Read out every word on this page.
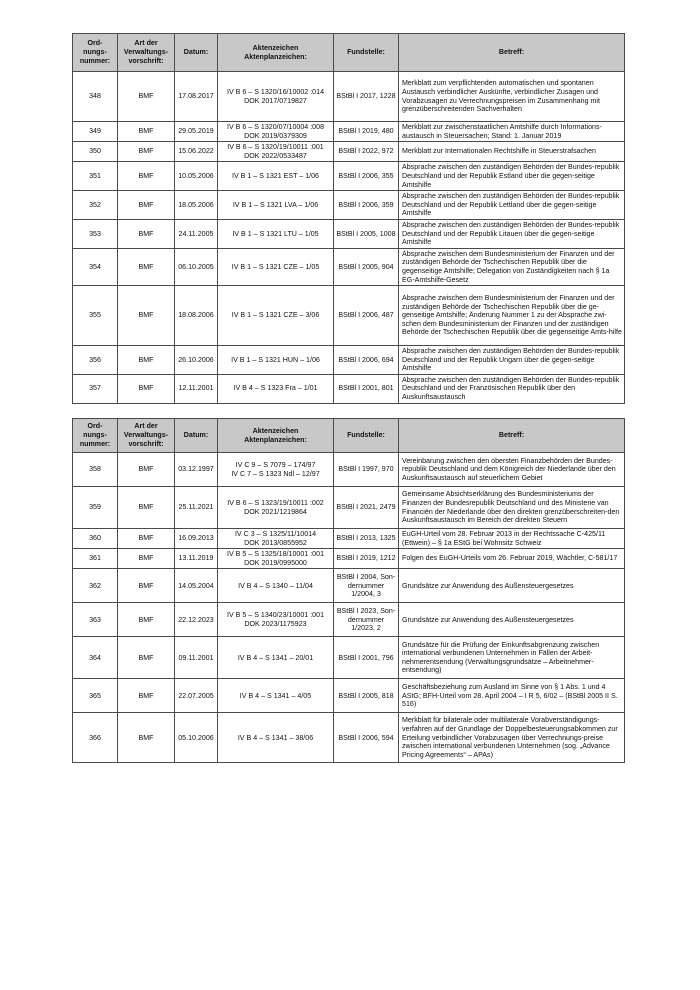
Ord-
nungs-
nummer:	Art der
Verwaltungs-
vorschrift:	Datum:	Aktenzeichen
Aktenplanzeichen:	Fundstelle:	Betreff:
348	BMF	17.08.2017	IV B 6 – S 1320/16/10002 :014
DOK 2017/0719827	BStBl I 2017, 1228	Merkblatt zum verpflichtenden automatischen und spontanen Austausch verbindlicher Auskünfte, verbindlicher Zusagen und Vorabzusagen zu Verrechnungspreisen im Zusammenhang mit grenzüberschreitenden Sachverhalten
349	BMF	29.05.2019	IV B 6 – S 1320/07/10004 :008
DOK 2019/0379309	BStBl I 2019, 480	Merkblatt zur zwischenstaatlichen Amtshilfe durch Informations-austausch in Steuersachen; Stand: 1. Januar 2019
350	BMF	15.06.2022	IV B 6 – S 1320/19/10011 :001
DOK 2022/0533487	BStBl I 2022, 972	Merkblatt zur Internationalen Rechtshilfe in Steuerstrafsachen
351	BMF	10.05.2006	IV B 1 – S 1321 EST – 1/06	BStBl I 2006, 355	Absprache zwischen den zuständigen Behörden der Bundes-republik Deutschland und der Republik Estland über die gegen-seitige Amtshilfe
352	BMF	18.05.2006	IV B 1 – S 1321 LVA – 1/06	BStBl I 2006, 359	Absprache zwischen den zuständigen Behörden der Bundes-republik Deutschland und der Republik Lettland über die gegen-seitige Amtshilfe
353	BMF	24.11.2005	IV B 1 – S 1321 LTU – 1/05	BStBl I 2005, 1008	Absprache zwischen den zuständigen Behörden der Bundes-republik Deutschland und der Republik Litauen über die gegen-seitige Amtshilfe
354	BMF	06.10.2005	IV B 1 – S 1321 CZE – 1/05	BStBl I 2005, 904	Absprache zwischen dem Bundesministerium der Finanzen und der zuständigen Behörde der Tschechischen Republik über die gegenseitige Amtshilfe; Delegation von Zuständigkeiten nach § 1a EG-Amtshilfe-Gesetz
355	BMF	18.08.2006	IV B 1 – S 1321 CZE – 3/06	BStBl I 2006, 487	Absprache zwischen dem Bundesministerium der Finanzen und der zuständigen Behörde der Tschechischen Republik über die ge-genseitige Amtshilfe; Änderung Nummer 1 zu der Absprache zwi-schen dem Bundesministerium der Finanzen und der zuständigen Behörde der Tschechischen Republik über die gegenseitige Amts-hilfe
356	BMF	26.10.2006	IV B 1 – S 1321 HUN – 1/06	BStBl I 2006, 694	Absprache zwischen den zuständigen Behörden der Bundes-republik Deutschland und der Republik Ungarn über die gegen-seitige Amtshilfe
357	BMF	12.11.2001	IV B 4 – S 1323 Fra – 1/01	BStBl I 2001, 801	Absprache zwischen den zuständigen Behörden der Bundes-republik Deutschland und der Französischen Republik über den Auskunftsaustausch
Ord-
nungs-
nummer:	Art der
Verwaltungs-
vorschrift:	Datum:	Aktenzeichen
Aktenplanzeichen:	Fundstelle:	Betreff:
358	BMF	03.12.1997	IV C 9 – S 7079 – 174/97
IV C 7 – S 1323 Ndl – 12/97	BStBl I 1997, 970	Vereinbarung zwischen den obersten Finanzbehörden der Bundes-republik Deutschland und dem Königreich der Niederlande über den Auskunftsaustausch auf steuerlichem Gebiet
359	BMF	25.11.2021	IV B 6 – S 1323/19/10011 :002
DOK 2021/1219864	BStBl I 2021, 2479	Gemeinsame Absichtserklärung des Bundesministeriums der Finanzen der Bundesrepublik Deutschland und des Ministerie van Financiën der Niederlande über den direkten grenzüberschreiten-den Auskunftsaustausch im Bereich der direkten Steuern
360	BMF	16.09.2013	IV C 3 – S 1325/11/10014
DOK 2013/0855952	BStBl I 2013, 1325	EuGH-Urteil vom 28. Februar 2013 in der Rechtssache C-425/11 (Ettwein) – § 1a EStG bei Wohnsitz Schweiz
361	BMF	13.11.2019	IV B 5 – S 1325/18/10001 :001
DOK 2019/0995000	BStBl I 2019, 1212	Folgen des EuGH-Urteils vom 26. Februar 2019, Wächtler, C-581/17
362	BMF	14.05.2004	IV B 4 – S 1340 – 11/04	BStBl I 2004, Son-
dernummer
1/2004, 3	Grundsätze zur Anwendung des Außensteuergesetzes
363	BMF	22.12.2023	IV B 5 – S 1340/23/10001 :001
DOK 2023/1175923	BStBl I 2023, Son-
dernummer
1/2023, 2	Grundsätze zur Anwendung des Außensteuergesetzes
364	BMF	09.11.2001	IV B 4 – S 1341 – 20/01	BStBl I 2001, 796	Grundsätze für die Prüfung der Einkunftsabgrenzung zwischen international verbundenen Unternehmen in Fällen der Arbeit-nehmerentsendung (Verwaltungsgrundsätze – Arbeitnehmer-entsendung)
365	BMF	22.07.2005	IV B 4 – S 1341 – 4/05	BStBl I 2005, 818	Geschäftsbeziehung zum Ausland im Sinne von § 1 Abs. 1 und 4 AStG; BFH-Urteil vom 28. April 2004 – I R 5, 6/02 – (BStBl 2005 II S. 516)
366	BMF	05.10.2006	IV B 4 – S 1341 – 38/06	BStBl I 2006, 594	Merkblatt für bilaterale oder multilaterale Vorabverständigungs-verfahren auf der Grundlage der Doppelbesteuerungsabkommen zur Erteilung verbindlicher Vorabzusagen über Verrechnungs-preise zwischen international verbundenen Unternehmen (sog. „Advance Pricing Agreements“ – APAs)
